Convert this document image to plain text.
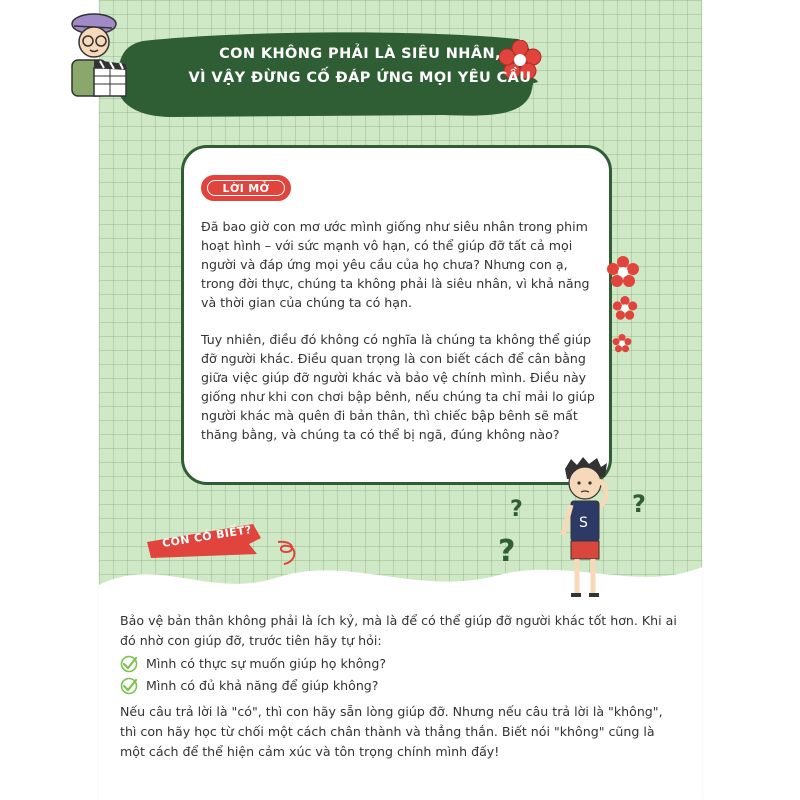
CON KHÔNG PHẢI LÀ SIÊU NHÂN,
VÌ VẬY ĐỪNG CỐ ĐÁP ỨNG MỌI YÊU CẦU
LỜI MỞ

Đã bao giờ con mơ ước mình giống như siêu nhân trong phim hoạt hình – với sức mạnh vô hạn, có thể giúp đỡ tất cả mọi người và đáp ứng mọi yêu cầu của họ chưa? Nhưng con ạ, trong đời thực, chúng ta không phải là siêu nhân, vì khả năng và thời gian của chúng ta có hạn.

Tuy nhiên, điều đó không có nghĩa là chúng ta không thể giúp đỡ người khác. Điều quan trọng là con biết cách để cân bằng giữa việc giúp đỡ người khác và bảo vệ chính mình. Điều này giống như khi con chơi bập bênh, nếu chúng ta chỉ mải lo giúp người khác mà quên đi bản thân, thì chiếc bập bênh sẽ mất thăng bằng, và chúng ta có thể bị ngã, đúng không nào?

?
?
?
S
CON CÓ BIẾT?
Bảo vệ bản thân không phải là ích kỷ, mà là để có thể giúp đỡ người khác tốt hơn. Khi ai đó nhờ con giúp đỡ, trước tiên hãy tự hỏi:
Mình có thực sự muốn giúp họ không?
Mình có đủ khả năng để giúp không?
Nếu câu trả lời là "có", thì con hãy sẵn lòng giúp đỡ. Nhưng nếu câu trả lời là "không", thì con hãy học từ chối một cách chân thành và thẳng thắn. Biết nói "không" cũng là một cách để thể hiện cảm xúc và tôn trọng chính mình đấy!
